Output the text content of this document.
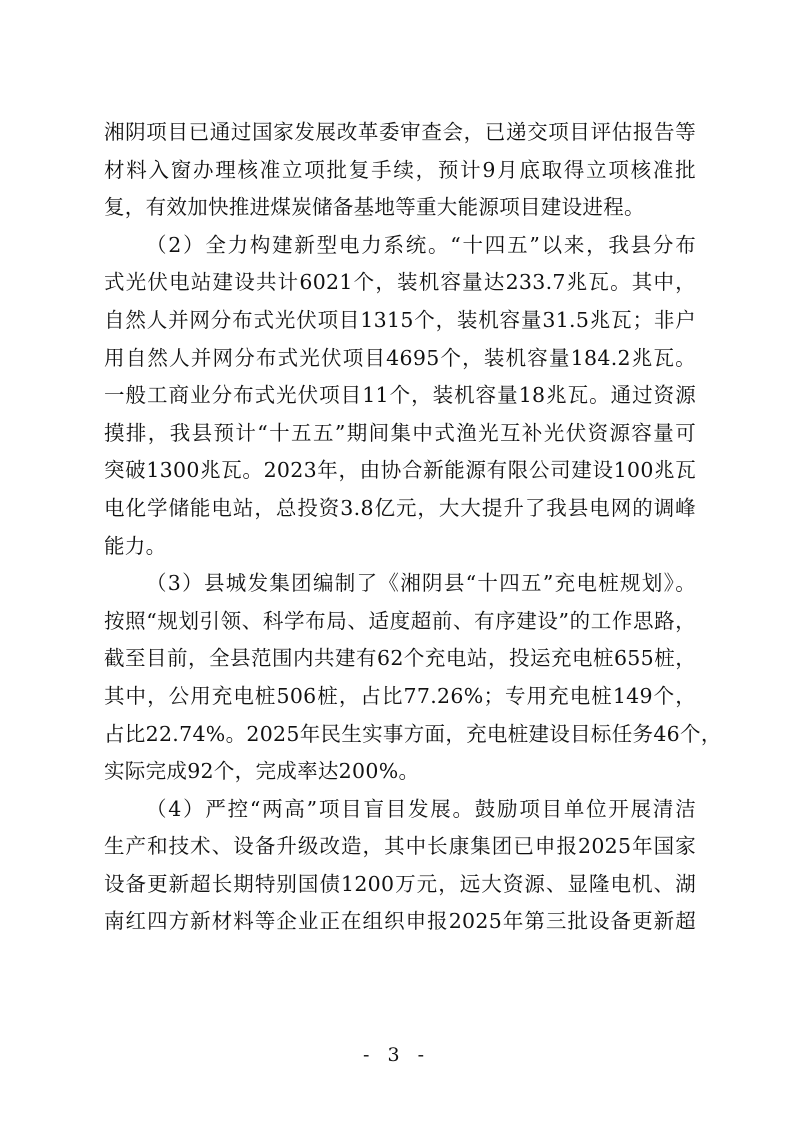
湘阴项目已通过国家发展改革委审查会，已递交项目评估报告等
材料入窗办理核准立项批复手续，预计9月底取得立项核准批
复，有效加快推进煤炭储备基地等重大能源项目建设进程。
（2）全力构建新型电力系统。“十四五”以来，我县分布
式光伏电站建设共计6021个，装机容量达233.7兆瓦。其中，
自然人并网分布式光伏项目1315个，装机容量31.5兆瓦；非户
用自然人并网分布式光伏项目4695个，装机容量184.2兆瓦。
一般工商业分布式光伏项目11个，装机容量18兆瓦。通过资源
摸排，我县预计“十五五”期间集中式渔光互补光伏资源容量可
突破1300兆瓦。2023年，由协合新能源有限公司建设100兆瓦
电化学储能电站，总投资3.8亿元，大大提升了我县电网的调峰
能力。
（3）县城发集团编制了《湘阴县“十四五”充电桩规划》。
按照“规划引领、科学布局、适度超前、有序建设”的工作思路，
截至目前，全县范围内共建有62个充电站，投运充电桩655桩，
其中，公用充电桩506桩，占比77.26%；专用充电桩149个，
占比22.74%。2025年民生实事方面，充电桩建设目标任务46个，
实际完成92个，完成率达200%。
（4）严控“两高”项目盲目发展。鼓励项目单位开展清洁
生产和技术、设备升级改造，其中长康集团已申报2025年国家
设备更新超长期特别国债1200万元，远大资源、显隆电机、湖
南红四方新材料等企业正在组织申报2025年第三批设备更新超
- 3 -
